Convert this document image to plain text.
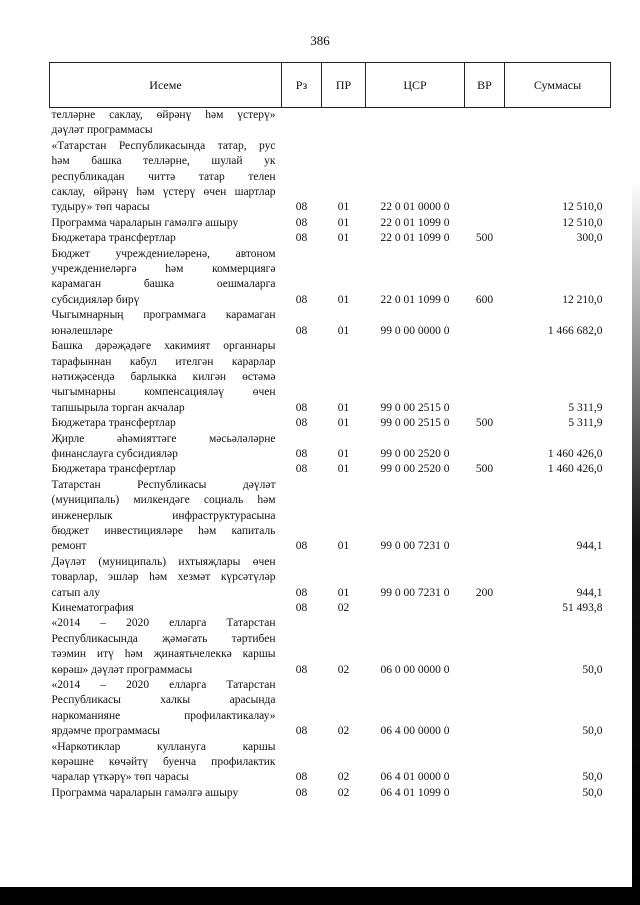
386
Исеме	Рз	ПР	ЦСР	ВР	Суммасы

телләрне саклау, өйрәнү һәм үстерү»
дәүләт программасы					

«Татарстан Республикасында татар, рус
һәм башка телләрне, шулай ук
республикадан читтә татар телен
саклау, өйрәнү һәм үстерү өчен шартлар
тудыру» төп чарасы	08	01	22 0 01 0000 0		12 510,0

Программа чараларын гамәлгә ашыру	08	01	22 0 01 1099 0		12 510,0

Бюджетара трансфертлар	08	01	22 0 01 1099 0	500	300,0

Бюджет учреждениеләренә, автоном
учреждениеләргә һәм коммерциягә
карамаган башка оешмаларга
субсидияләр бирү	08	01	22 0 01 1099 0	600	12 210,0

Чыгымнарның программага карамаган
юнәлешләре	08	01	99 0 00 0000 0		1 466 682,0

Башка дәрәҗәдәге хакимият органнары
тарафыннан кабул ителгән карарлар
нәтиҗәсендә барлыкка килгән өстәмә
чыгымнарны компенсацияләү өчен
тапшырыла торган акчалар	08	01	99 0 00 2515 0		5 311,9

Бюджетара трансфертлар	08	01	99 0 00 2515 0	500	5 311,9

Җирле әһәмияттәге мәсьәләләрне
финанслауга субсидияләр	08	01	99 0 00 2520 0		1 460 426,0

Бюджетара трансфертлар	08	01	99 0 00 2520 0	500	1 460 426,0

Татарстан Республикасы дәүләт
(муниципаль) милкендәге социаль һәм
инженерлык инфраструктурасына
бюджет инвестицияләре һәм капиталь
ремонт	08	01	99 0 00 7231 0		944,1

Дәүләт (муниципаль) ихтыяҗлары өчен
товарлар, эшләр һәм хезмәт күрсәтүләр
сатып алу	08	01	99 0 00 7231 0	200	944,1

Кинематография	08	02			51 493,8

«2014 – 2020 елларга Татарстан
Республикасында җәмәгать тәртибен
тәэмин итү һәм җинаятьчелеккә каршы
көрәш» дәүләт программасы	08	02	06 0 00 0000 0		50,0

«2014 – 2020 елларга Татарстан
Республикасы халкы арасында
наркоманияне профилактикалау»
ярдәмче программасы	08	02	06 4 00 0000 0		50,0

«Наркотиклар куллануга каршы
көрәшне көчәйтү буенча профилактик
чаралар үткәрү» төп чарасы	08	02	06 4 01 0000 0		50,0

Программа чараларын гамәлгә ашыру	08	02	06 4 01 1099 0		50,0
